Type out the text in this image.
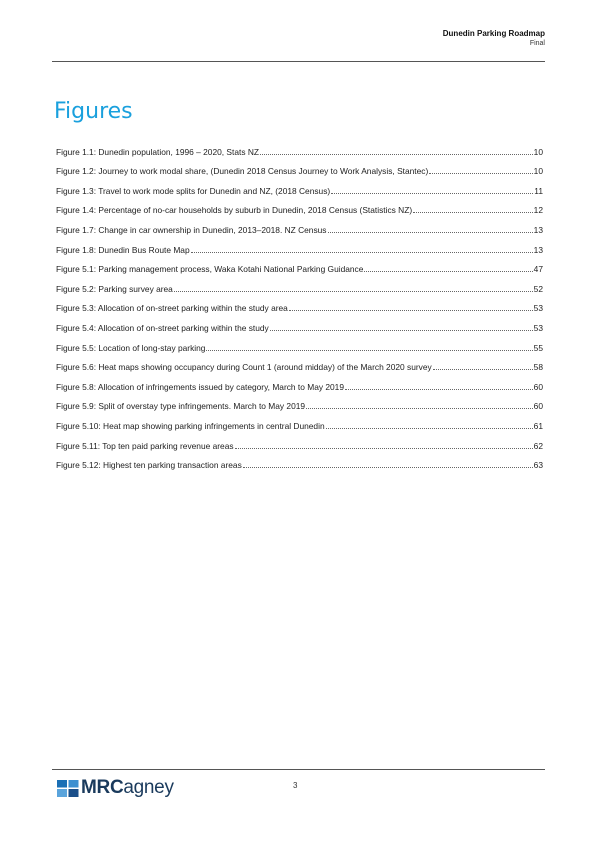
Dunedin Parking Roadmap
Final
Figures
Figure 1.1: Dunedin population, 1996 – 2020, Stats NZ	10
Figure 1.2: Journey to work modal share, (Dunedin 2018 Census Journey to Work Analysis, Stantec)	10
Figure 1.3: Travel to work mode splits for Dunedin and NZ, (2018 Census)	11
Figure 1.4: Percentage of no-car households by suburb in Dunedin, 2018 Census (Statistics NZ)	12
Figure 1.7: Change in car ownership in Dunedin, 2013–2018. NZ Census	13
Figure 1.8: Dunedin Bus Route Map	13
Figure 5.1: Parking management process, Waka Kotahi National Parking Guidance	47
Figure 5.2: Parking survey area	52
Figure 5.3: Allocation of on-street parking within the study area	53
Figure 5.4: Allocation of on-street parking within the study	53
Figure 5.5: Location of long-stay parking	55
Figure 5.6: Heat maps showing occupancy during Count 1 (around midday) of the March 2020 survey	58
Figure 5.8: Allocation of infringements issued by category, March to May 2019	60
Figure 5.9: Split of overstay type infringements. March to May 2019	60
Figure 5.10: Heat map showing parking infringements in central Dunedin	61
Figure 5.11: Top ten paid parking revenue areas	62
Figure 5.12: Highest ten parking transaction areas	63
MRCagney	3
